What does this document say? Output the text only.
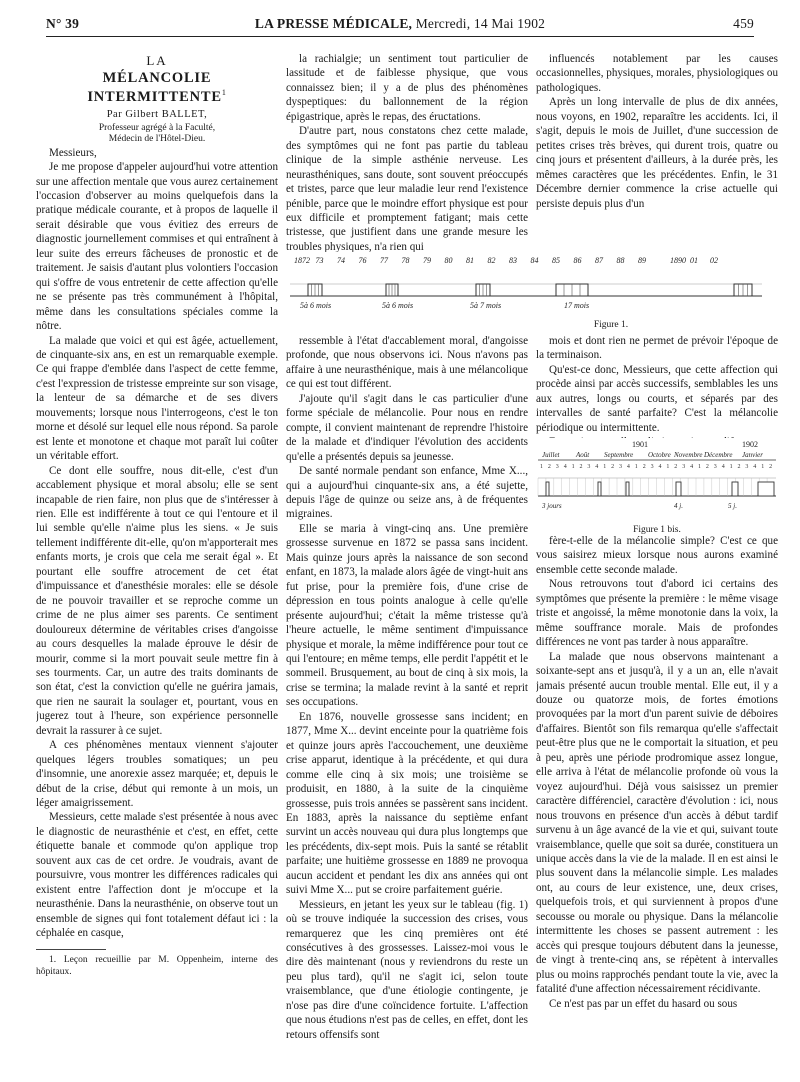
N° 39	LA PRESSE MÉDICALE, Mercredi, 14 Mai 1902	459
LA
MÉLANCOLIE INTERMITTENTE$^1$
Par Gilbert BALLET,
Professeur agrégé à la Faculté,
Médecin de l'Hôtel-Dieu.

Messieurs,

Je me propose d'appeler aujourd'hui votre attention sur une affection mentale que vous aurez certainement l'occasion d'observer au moins quelquefois dans la pratique médicale courante, et à propos de laquelle il serait désirable que vous évitiez des erreurs de diagnostic journellement commises et qui entraînent à leur suite des erreurs fâcheuses de pronostic et de traitement. Je saisis d'autant plus volontiers l'occasion qui s'offre de vous entretenir de cette affection qu'elle ne se présente pas très communément à l'hôpital, même dans les consultations spéciales comme la nôtre.

La malade que voici et qui est âgée, actuellement, de cinquante-six ans, en est un remarquable exemple. Ce qui frappe d'emblée dans l'aspect de cette femme, c'est l'expression de tristesse empreinte sur son visage, la lenteur de sa démarche et de ses divers mouvements; lorsque nous l'interrogeons, c'est le ton morne et désolé sur lequel elle nous répond. Sa parole est lente et monotone et chaque mot paraît lui coûter un véritable effort.

Ce dont elle souffre, nous dit-elle, c'est d'un accablement physique et moral absolu; elle se sent incapable de rien faire, non plus que de s'intéresser à rien. Elle est indifférente à tout ce qui l'entoure et il lui semble qu'elle n'aime plus les siens. « Je suis tellement indifférente dit-elle, qu'on m'apporterait mes enfants morts, je crois que cela me serait égal ». Et pourtant elle souffre atrocement de cet état d'impuissance et d'anesthésie morales: elle se désole de ne pouvoir travailler et se reproche comme un crime de ne plus aimer ses parents. Ce sentiment douloureux détermine de véritables crises d'angoisse au cours desquelles la malade éprouve le désir de mourir, comme si la mort pouvait seule mettre fin à ses tourments. Car, un autre des traits dominants de son état, c'est la conviction qu'elle ne guérira jamais, que rien ne saurait la soulager et, pourtant, vous en jugerez tout à l'heure, son expérience personnelle devrait la rassurer à ce sujet.

A ces phénomènes mentaux viennent s'ajouter quelques légers troubles somatiques; un peu d'insomnie, une anorexie assez marquée; et, depuis le début de la crise, début qui remonte à un mois, un léger amaigrissement.

Messieurs, cette malade s'est présentée à nous avec le diagnostic de neurasthénie et c'est, en effet, cette étiquette banale et commode qu'on applique trop souvent aux cas de cet ordre. Je voudrais, avant de poursuivre, vous montrer les différences radicales qui existent entre l'affection dont je m'occupe et la neurasthénie. Dans la neurasthénie, on observe tout un ensemble de signes qui font totalement défaut ici : la céphalée en casque,

1. Leçon recueillie par M. Oppenheim, interne des hôpitaux.

la rachialgie; un sentiment tout particulier de lassitude et de faiblesse physique, que vous connaissez bien; il y a de plus des phénomènes dyspeptiques: du ballonnement de la région épigastrique, après le repas, des éructations.

D'autre part, nous constatons chez cette malade, des symptômes qui ne font pas partie du tableau clinique de la simple asthénie nerveuse. Les neurasthéniques, sans doute, sont souvent préoccupés et tristes, parce que leur maladie leur rend l'existence pénible, parce que le moindre effort physique est pour eux difficile et promptement fatigant; mais cette tristesse, que justifient dans une grande mesure les troubles physiques, n'a rien qui

1872 73 74 76 77 78 79 80 81 82 83 84 85 86 87 88 89	1890 01 02
5à 6 mois	5à 6 mois	5à 7 mois	17 mois
Figure 1.

influencés notablement par les causes occasionnelles, physiques, morales, physiologiques ou pathologiques.

Après un long intervalle de plus de dix années, nous voyons, en 1902, reparaître les accidents. Ici, il s'agit, depuis le mois de Juillet, d'une succession de petites crises très brèves, qui durent trois, quatre ou cinq jours et présentent d'ailleurs, à la durée près, les mêmes caractères que les précédentes. Enfin, le 31 Décembre dernier commence la crise actuelle qui persiste depuis plus d'un

ressemble à l'état d'accablement moral, d'angoisse profonde, que nous observons ici. Nous n'avons pas affaire à une neurasthénique, mais à une mélancolique ce qui est tout différent.

J'ajoute qu'il s'agit dans le cas particulier d'une forme spéciale de mélancolie. Pour nous en rendre compte, il convient maintenant de reprendre l'histoire de la malade et d'indiquer l'évolution des accidents qu'elle a présentés depuis sa jeunesse.

De santé normale pendant son enfance, Mme X..., qui a aujourd'hui cinquante-six ans, a été sujette, depuis l'âge de quinze ou seize ans, à de fréquentes migraines.

Elle se maria à vingt-cinq ans. Une première grossesse survenue en 1872 se passa sans incident. Mais quinze jours après la naissance de son second enfant, en 1873, la malade alors âgée de vingt-huit ans fut prise, pour la première fois, d'une crise de dépression en tous points analogue à celle qu'elle présente aujourd'hui; c'était la même tristesse qu'à l'heure actuelle, le même sentiment d'impuissance physique et morale, la même indifférence pour tout ce qui l'entoure; en même temps, elle perdit l'appétit et le sommeil. Brusquement, au bout de cinq à six mois, la crise se termina; la malade revint à la santé et reprit ses occupations.

En 1876, nouvelle grossesse sans incident; en 1877, Mme X... devint enceinte pour la quatrième fois et quinze jours après l'accouchement, une deuxième crise apparut, identique à la précédente, et qui dura comme elle cinq à six mois; une troisième se produisit, en 1880, à la suite de la cinquième grossesse, puis trois années se passèrent sans incident. En 1883, après la naissance du septième enfant survint un accès nouveau qui dura plus longtemps que les précédents, dix-sept mois. Puis la santé se rétablit parfaite; une huitième grossesse en 1889 ne provoqua aucun accident et pendant les dix ans années qui ont suivi Mme X... put se croire parfaitement guérie.

Messieurs, en jetant les yeux sur le tableau (fig. 1) où se trouve indiquée la succession des crises, vous remarquerez que les cinq premières ont été consécutives à des grossesses. Laissez-moi vous le dire dès maintenant (nous y reviendrons du reste un peu plus tard), qu'il ne s'agit ici, selon toute vraisemblance, que d'une étiologie contingente, je n'ose pas dire d'une coïncidence fortuite. L'affection que nous étudions n'est pas de celles, en effet, dont les retours offensifs sont

mois et dont rien ne permet de prévoir l'époque de la terminaison.

Qu'est-ce donc, Messieurs, que cette affection qui procède ainsi par accès successifs, semblables les uns aux autres, longs ou courts, et séparés par des intervalles de santé parfaite? C'est la mélancolie périodique ou intermittente.

1901	1902
Juillet Août Septembre Octobre Novembre Décembre Janvier
1 2 3 4 1 2 3 4 1 2 3 4 1 2 3 4 1 2 3 4 1 2 3 4 1 2 3 4 1 2
3 jours	4 j.	5 j.
Figure 1 bis.

fère-t-elle de la mélancolie simple? C'est ce que vous saisirez mieux lorsque nous aurons examiné ensemble cette seconde malade.

Nous retrouvons tout d'abord ici certains des symptômes que présente la première : le même visage triste et angoissé, la même monotonie dans la voix, la même souffrance morale. Mais de profondes différences ne vont pas tarder à nous apparaître.

La malade que nous observons maintenant a soixante-sept ans et jusqu'à, il y a un an, elle n'avait jamais présenté aucun trouble mental. Elle eut, il y a douze ou quatorze mois, de fortes émotions provoquées par la mort d'un parent suivie de déboires d'affaires. Bientôt son fils remarqua qu'elle s'affectait peut-être plus que ne le comportait la situation, et peu à peu, après une période prodromique assez longue, elle arriva à l'état de mélancolie profonde où vous la voyez aujourd'hui. Déjà vous saisissez un premier caractère différenciel, caractère d'évolution : ici, nous nous trouvons en présence d'un accès à début tardif survenu à un âge avancé de la vie et qui, suivant toute vraisemblance, quelle que soit sa durée, constituera un unique accès dans la vie de la malade. Il en est ainsi le plus souvent dans la mélancolie simple. Les malades ont, au cours de leur existence, une, deux crises, quelquefois trois, et qui surviennent à propos d'une secousse ou morale ou physique. Dans la mélancolie intermittente les choses se passent autrement : les accès qui presque toujours débutent dans la jeunesse, de vingt à trente-cinq ans, se répètent à intervalles plus ou moins rapprochés pendant toute la vie, avec la fatalité d'une affection nécessairement récidivante.

Ce n'est pas par un effet du hasard ou sous
